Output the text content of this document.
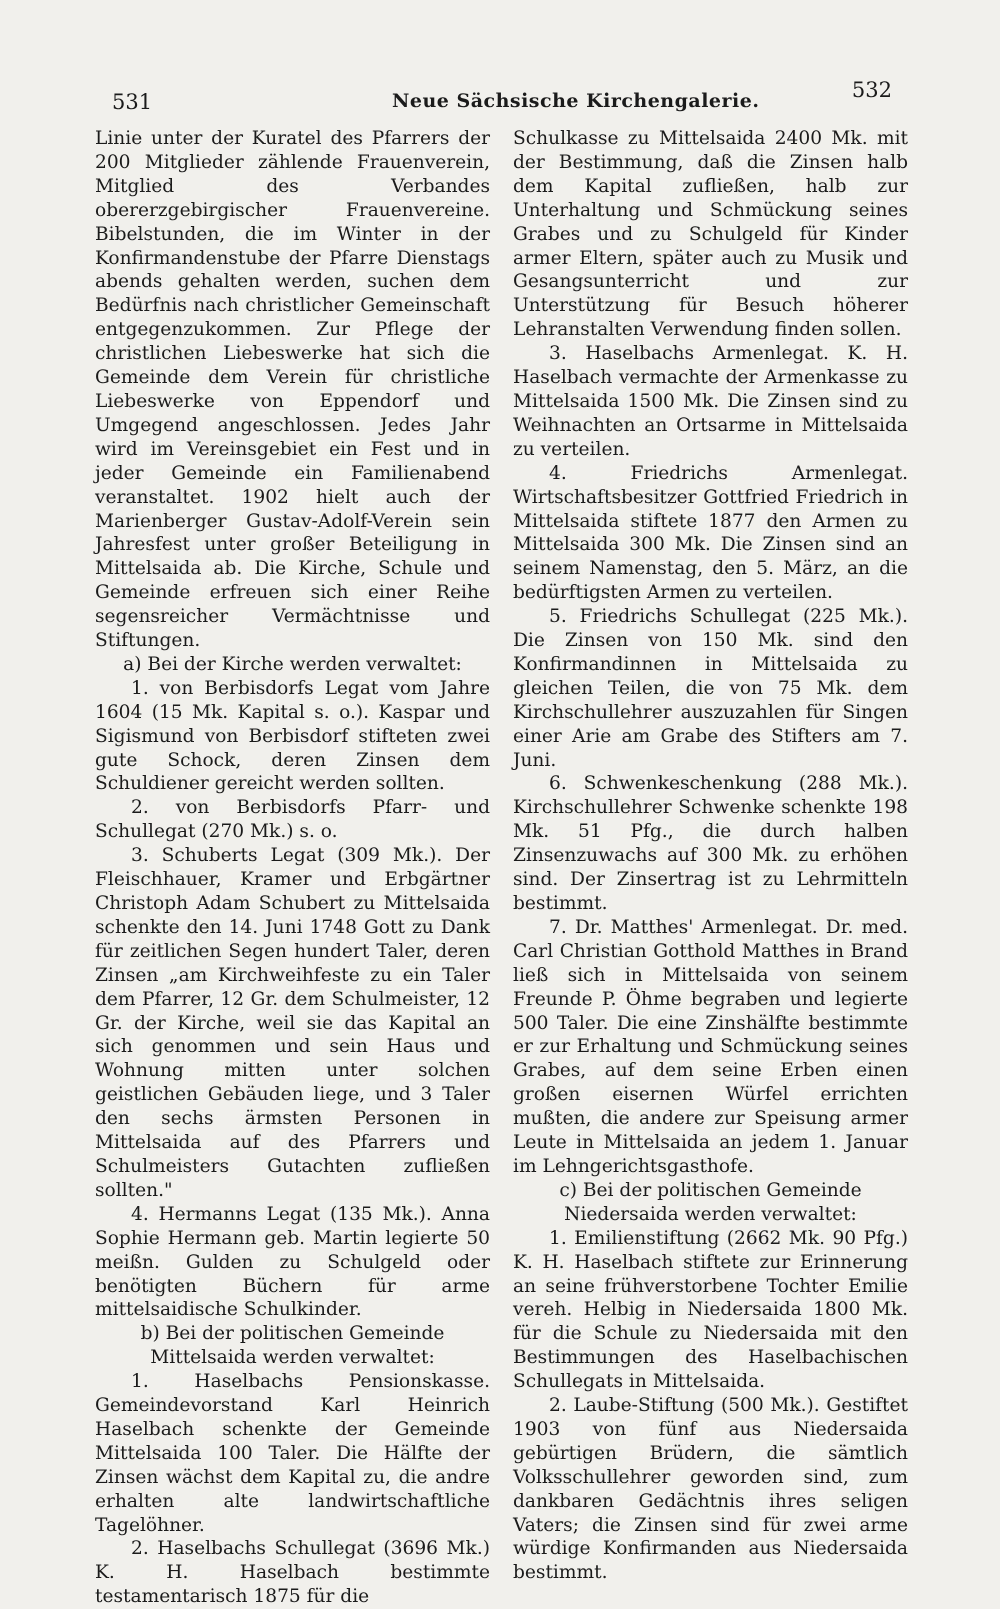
531	Neue Sächsische Kirchengalerie.	532

Linie unter der Kuratel des Pfarrers der 200 Mitglieder zählende Frauenverein, Mitglied des Verbandes obererzgebirgischer Frauenvereine. Bibelstunden, die im Winter in der Konfirmandenstube der Pfarre Dienstags abends gehalten werden, suchen dem Bedürfnis nach christlicher Gemeinschaft entgegenzukommen. Zur Pflege der christlichen Liebeswerke hat sich die Gemeinde dem Verein für christliche Liebeswerke von Eppendorf und Umgegend angeschlossen. Jedes Jahr wird im Vereinsgebiet ein Fest und in jeder Gemeinde ein Familienabend veranstaltet. 1902 hielt auch der Marienberger Gustav-Adolf-Verein sein Jahresfest unter großer Beteiligung in Mittelsaida ab. Die Kirche, Schule und Gemeinde erfreuen sich einer Reihe segensreicher Vermächtnisse und Stiftungen.

a) Bei der Kirche werden verwaltet:

1. von Berbisdorfs Legat vom Jahre 1604 (15 Mk. Kapital s. o.). Kaspar und Sigismund von Berbisdorf stifteten zwei gute Schock, deren Zinsen dem Schuldiener gereicht werden sollten.

2. von Berbisdorfs Pfarr- und Schullegat (270 Mk.) s. o.

3. Schuberts Legat (309 Mk.). Der Fleischhauer, Kramer und Erbgärtner Christoph Adam Schubert zu Mittelsaida schenkte den 14. Juni 1748 Gott zu Dank für zeitlichen Segen hundert Taler, deren Zinsen „am Kirchweihfeste zu ein Taler dem Pfarrer, 12 Gr. dem Schulmeister, 12 Gr. der Kirche, weil sie das Kapital an sich genommen und sein Haus und Wohnung mitten unter solchen geistlichen Gebäuden liege, und 3 Taler den sechs ärmsten Personen in Mittelsaida auf des Pfarrers und Schulmeisters Gutachten zufließen sollten."

4. Hermanns Legat (135 Mk.). Anna Sophie Hermann geb. Martin legierte 50 meißn. Gulden zu Schulgeld oder benötigten Büchern für arme mittelsaidische Schulkinder.

b) Bei der politischen Gemeinde Mittelsaida werden verwaltet:

1. Haselbachs Pensionskasse. Gemeindevorstand Karl Heinrich Haselbach schenkte der Gemeinde Mittelsaida 100 Taler. Die Hälfte der Zinsen wächst dem Kapital zu, die andre erhalten alte landwirtschaftliche Tagelöhner.

2. Haselbachs Schullegat (3696 Mk.) K. H. Haselbach bestimmte testamentarisch 1875 für die

Schulkasse zu Mittelsaida 2400 Mk. mit der Bestimmung, daß die Zinsen halb dem Kapital zufließen, halb zur Unterhaltung und Schmückung seines Grabes und zu Schulgeld für Kinder armer Eltern, später auch zu Musik und Gesangsunterricht und zur Unterstützung für Besuch höherer Lehranstalten Verwendung finden sollen.

3. Haselbachs Armenlegat. K. H. Haselbach vermachte der Armenkasse zu Mittelsaida 1500 Mk. Die Zinsen sind zu Weihnachten an Ortsarme in Mittelsaida zu verteilen.

4. Friedrichs Armenlegat. Wirtschaftsbesitzer Gottfried Friedrich in Mittelsaida stiftete 1877 den Armen zu Mittelsaida 300 Mk. Die Zinsen sind an seinem Namenstag, den 5. März, an die bedürftigsten Armen zu verteilen.

5. Friedrichs Schullegat (225 Mk.). Die Zinsen von 150 Mk. sind den Konfirmandinnen in Mittelsaida zu gleichen Teilen, die von 75 Mk. dem Kirchschullehrer auszuzahlen für Singen einer Arie am Grabe des Stifters am 7. Juni.

6. Schwenkeschenkung (288 Mk.). Kirchschullehrer Schwenke schenkte 198 Mk. 51 Pfg., die durch halben Zinsenzuwachs auf 300 Mk. zu erhöhen sind. Der Zinsertrag ist zu Lehrmitteln bestimmt.

7. Dr. Matthes' Armenlegat. Dr. med. Carl Christian Gotthold Matthes in Brand ließ sich in Mittelsaida von seinem Freunde P. Öhme begraben und legierte 500 Taler. Die eine Zinshälfte bestimmte er zur Erhaltung und Schmückung seines Grabes, auf dem seine Erben einen großen eisernen Würfel errichten mußten, die andere zur Speisung armer Leute in Mittelsaida an jedem 1. Januar im Lehngerichtsgasthofe.

c) Bei der politischen Gemeinde Niedersaida werden verwaltet:

1. Emilienstiftung (2662 Mk. 90 Pfg.) K. H. Haselbach stiftete zur Erinnerung an seine frühverstorbene Tochter Emilie vereh. Helbig in Niedersaida 1800 Mk. für die Schule zu Niedersaida mit den Bestimmungen des Haselbachischen Schullegats in Mittelsaida.

2. Laube-Stiftung (500 Mk.). Gestiftet 1903 von fünf aus Niedersaida gebürtigen Brüdern, die sämtlich Volksschullehrer geworden sind, zum dankbaren Gedächtnis ihres seligen Vaters; die Zinsen sind für zwei arme würdige Konfirmanden aus Niedersaida bestimmt.
